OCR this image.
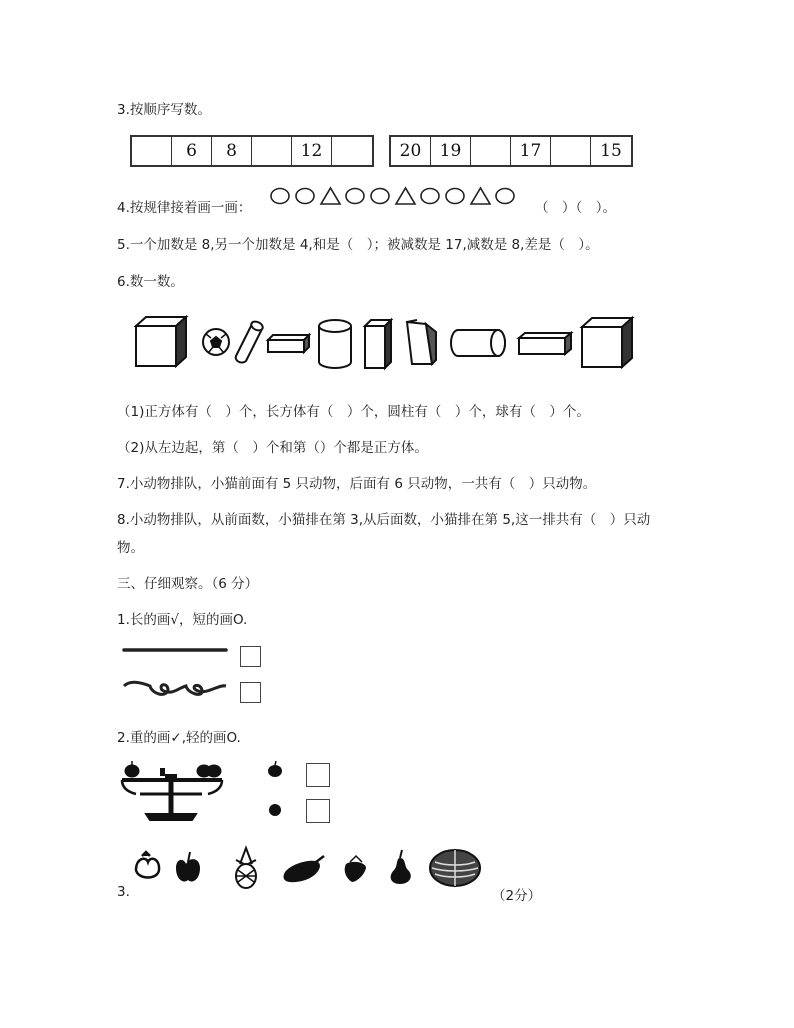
3.按顺序写数。
6	8	12	20	19	17	15
4.按规律接着画一画：	（　）（　）。
5.一个加数是 8,另一个加数是 4,和是（　）；被减数是 17,减数是 8,差是（　）。
6.数一数。
（1)正方体有（　）个，长方体有（　）个，圆柱有（　）个，球有（　）个。
（2)从左边起，第（　）个和第（）个都是正方体。
7.小动物排队，小猫前面有 5 只动物，后面有 6 只动物，一共有（　）只动物。
8.小动物排队，从前面数，小猫排在第 3,从后面数，小猫排在第 5,这一排共有（　）只动
物。
三、仔细观察。（6 分）
1.长的画√，短的画O.
2.重的画✓,轻的画O.
3.	（2分）
